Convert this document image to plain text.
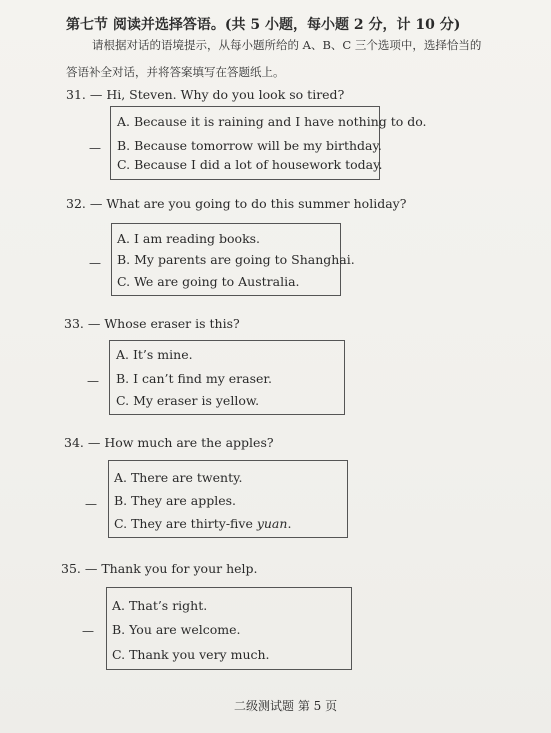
第七节 阅读并选择答语。(共 5 小题，每小题 2 分，计 10 分)
请根据对话的语境提示，从每小题所给的 A、B、C 三个选项中，选择恰当的
答语补全对话，并将答案填写在答题纸上。
31. — Hi, Steven. Why do you look so tired?
—
A. Because it is raining and I have nothing to do.
B. Because tomorrow will be my birthday.
C. Because I did a lot of housework today.
32. — What are you going to do this summer holiday?
—
A. I am reading books.
B. My parents are going to Shanghai.
C. We are going to Australia.
33. — Whose eraser is this?
—
A. It’s mine.
B. I can’t find my eraser.
C. My eraser is yellow.
34. — How much are the apples?
—
A. There are twenty.
B. They are apples.
C. They are thirty-five yuan.
35. — Thank you for your help.
—
A. That’s right.
B. You are welcome.
C. Thank you very much.
二级测试题 第 5 页
